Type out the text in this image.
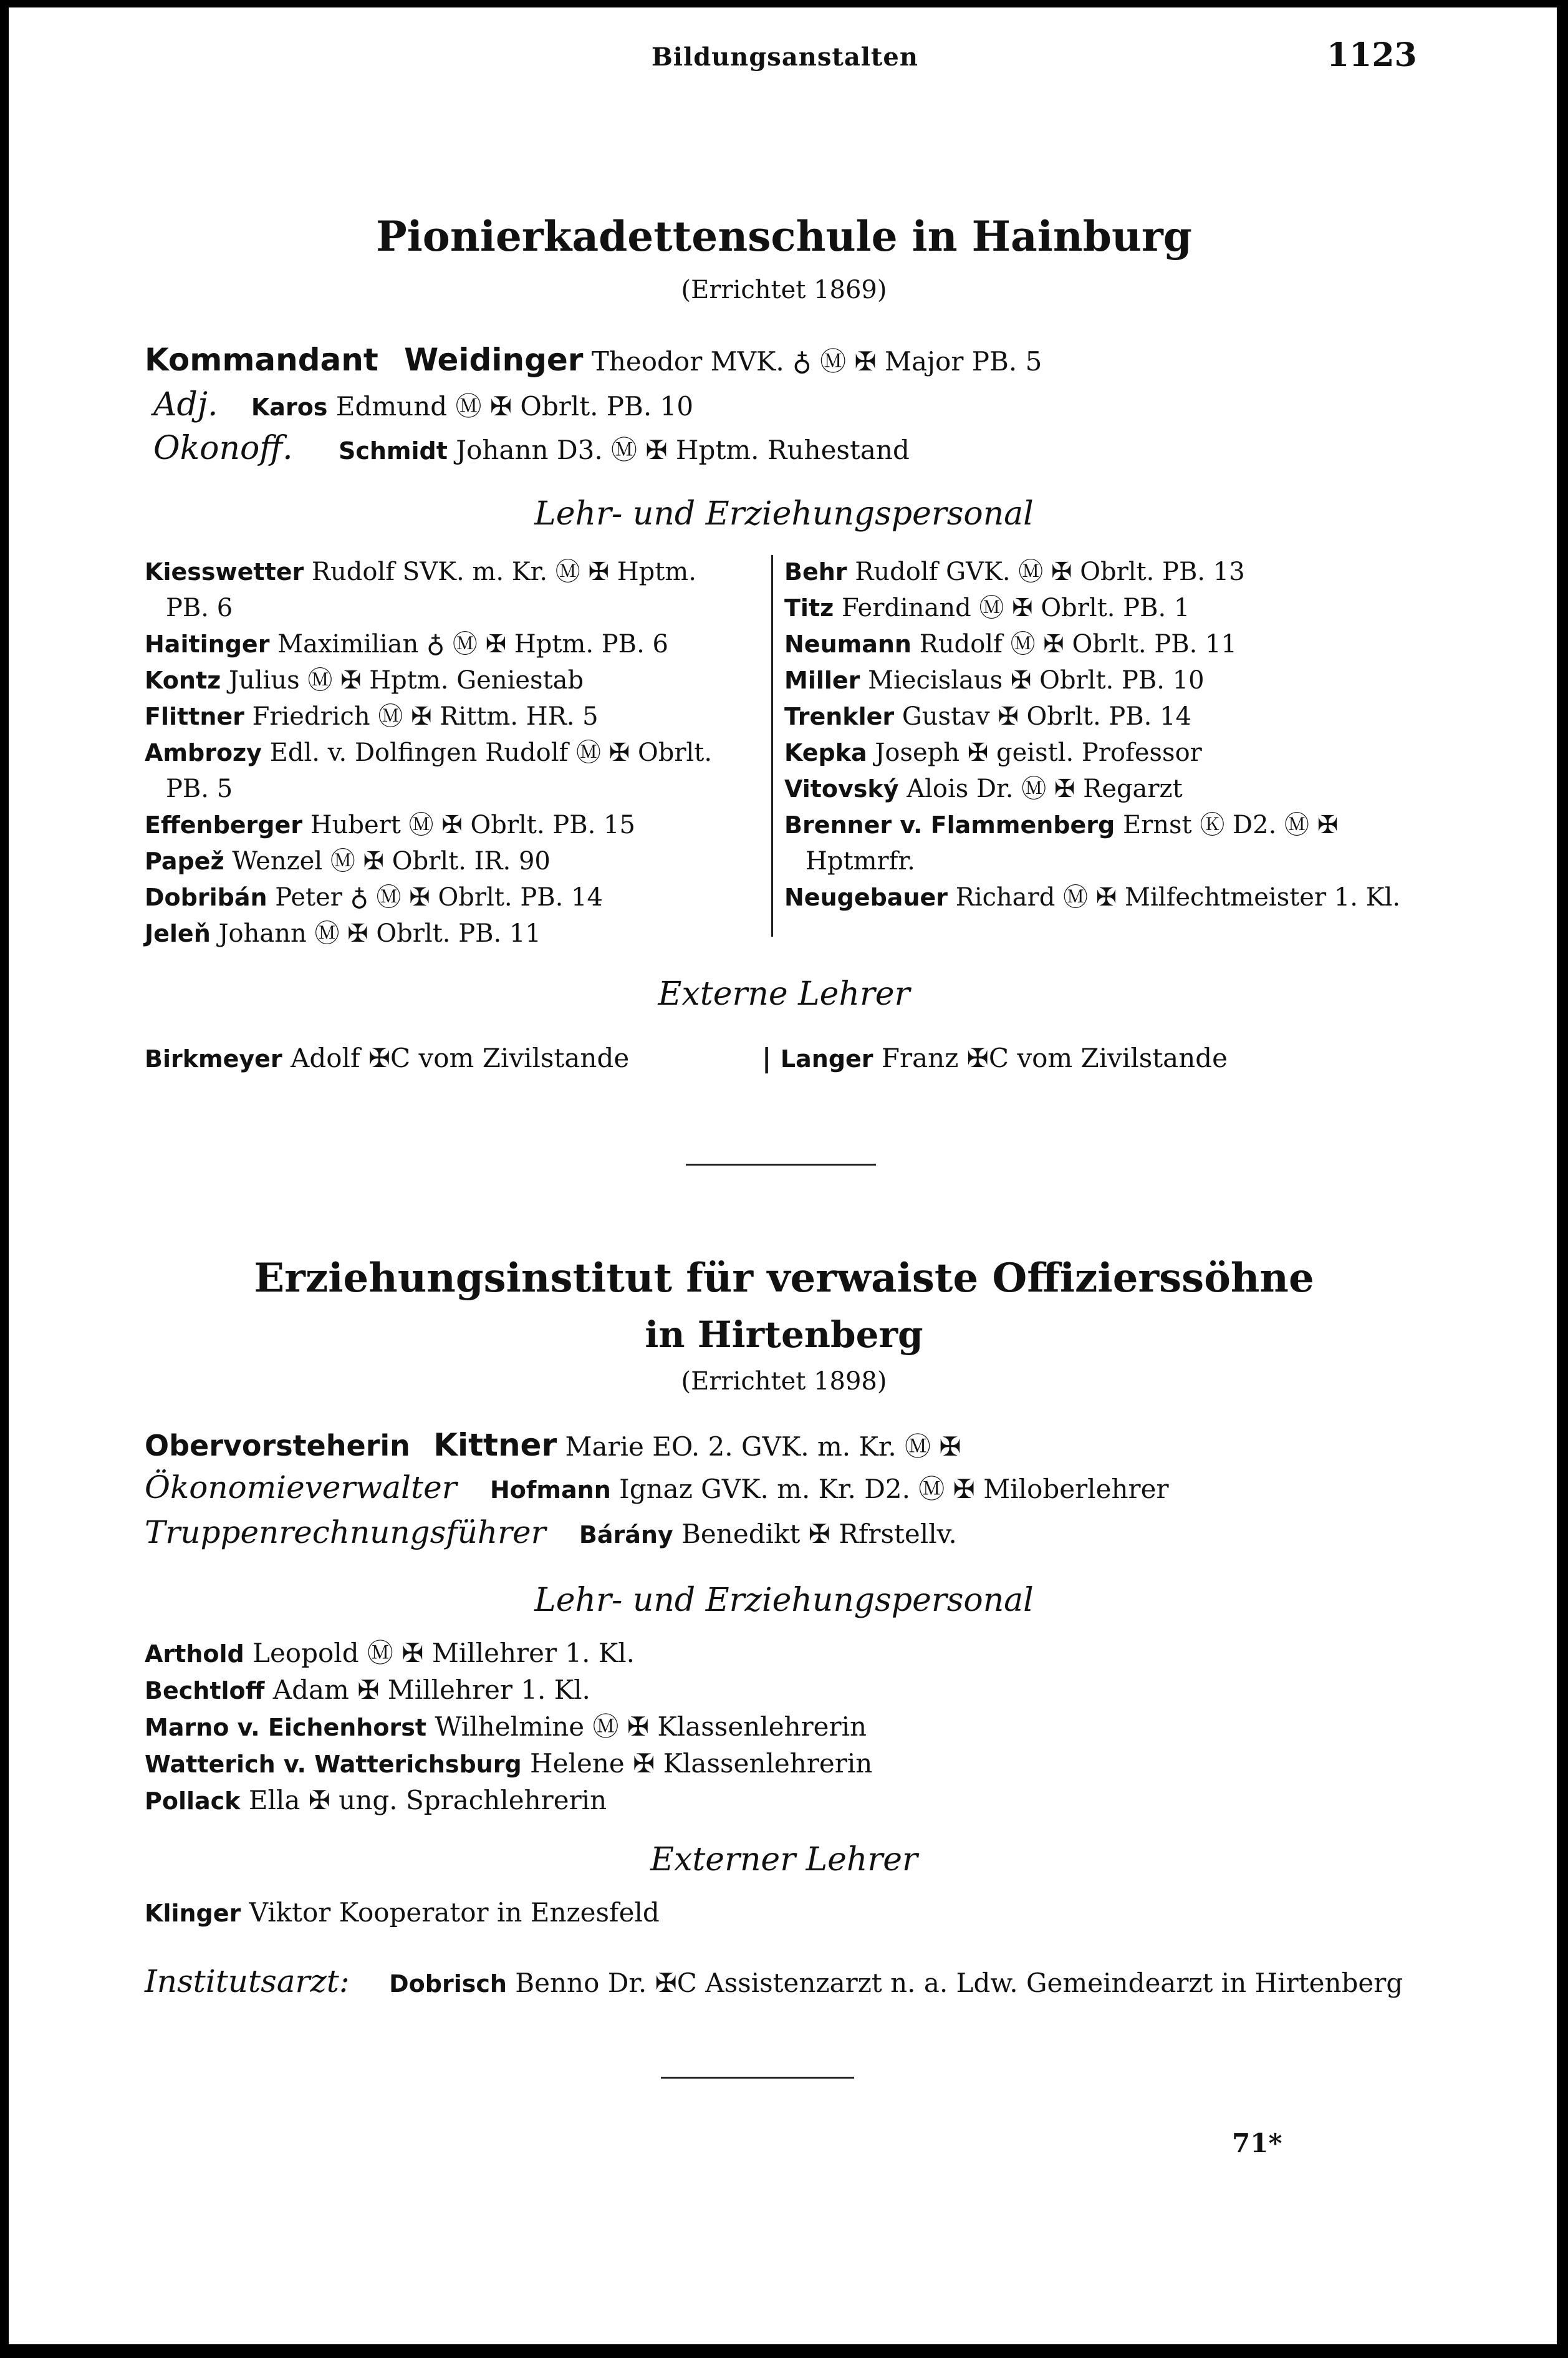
Bildungsanstalten	1123
Pionierkadettenschule in Hainburg
(Errichtet 1869)
Kommandant Weidinger Theodor MVK. ♁ Ⓜ ✠ Major PB. 5
Adj. Karos Edmund Ⓜ ✠ Obrlt. PB. 10
Okonoff. Schmidt Johann D3. Ⓜ ✠ Hptm. Ruhestand
Lehr- und Erziehungspersonal
Kiesswetter Rudolf SVK. m. Kr. Ⓜ ✠ Hptm.
PB. 6
Haitinger Maximilian ♁ Ⓜ ✠ Hptm. PB. 6
Kontz Julius Ⓜ ✠ Hptm. Geniestab
Flittner Friedrich Ⓜ ✠ Rittm. HR. 5
Ambrozy Edl. v. Dolfingen Rudolf Ⓜ ✠ Obrlt.
PB. 5
Effenberger Hubert Ⓜ ✠ Obrlt. PB. 15
Papež Wenzel Ⓜ ✠ Obrlt. IR. 90
Dobribán Peter ♁ Ⓜ ✠ Obrlt. PB. 14
Jeleň Johann Ⓜ ✠ Obrlt. PB. 11
Behr Rudolf GVK. Ⓜ ✠ Obrlt. PB. 13
Titz Ferdinand Ⓜ ✠ Obrlt. PB. 1
Neumann Rudolf Ⓜ ✠ Obrlt. PB. 11
Miller Miecislaus ✠ Obrlt. PB. 10
Trenkler Gustav ✠ Obrlt. PB. 14
Kepka Joseph ✠ geistl. Professor
Vitovský Alois Dr. Ⓜ ✠ Regarzt
Brenner v. Flammenberg Ernst Ⓚ D2. Ⓜ ✠
Hptmrfr.
Neugebauer Richard Ⓜ ✠ Milfechtmeister 1. Kl.
Externe Lehrer
Birkmeyer Adolf ✠C vom Zivilstande	| Langer Franz ✠C vom Zivilstande
Erziehungsinstitut für verwaiste Offizierssöhne
in Hirtenberg
(Errichtet 1898)
Obervorsteherin Kittner Marie EO. 2. GVK. m. Kr. Ⓜ ✠
Ökonomieverwalter Hofmann Ignaz GVK. m. Kr. D2. Ⓜ ✠ Miloberlehrer
Truppenrechnungsführer Bárány Benedikt ✠ Rfrstellv.
Lehr- und Erziehungspersonal
Arthold Leopold Ⓜ ✠ Millehrer 1. Kl.
Bechtloff Adam ✠ Millehrer 1. Kl.
Marno v. Eichenhorst Wilhelmine Ⓜ ✠ Klassenlehrerin
Watterich v. Watterichsburg Helene ✠ Klassenlehrerin
Pollack Ella ✠ ung. Sprachlehrerin
Externer Lehrer
Klinger Viktor Kooperator in Enzesfeld
Institutsarzt: Dobrisch Benno Dr. ✠C Assistenzarzt n. a. Ldw. Gemeindearzt in Hirtenberg
71*
